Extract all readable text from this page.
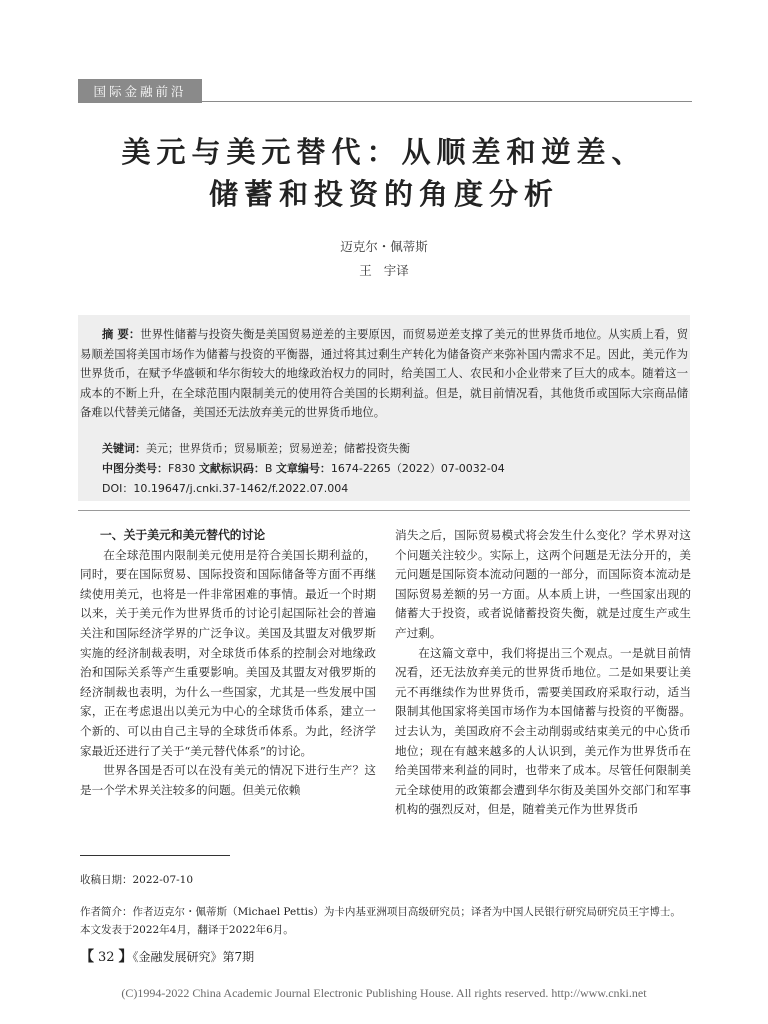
国际金融前沿
美元与美元替代：从顺差和逆差、
储蓄和投资的角度分析
迈克尔・佩蒂斯
王 宇译
摘 要：世界性储蓄与投资失衡是美国贸易逆差的主要原因，而贸易逆差支撑了美元的世界货币地位。从实质上看，贸易顺差国将美国市场作为储蓄与投资的平衡器，通过将其过剩生产转化为储备资产来弥补国内需求不足。因此，美元作为世界货币，在赋予华盛顿和华尔街较大的地缘政治权力的同时，给美国工人、农民和小企业带来了巨大的成本。随着这一成本的不断上升，在全球范围内限制美元的使用符合美国的长期利益。但是，就目前情况看，其他货币或国际大宗商品储备难以代替美元储备，美国还无法放弃美元的世界货币地位。
关键词：美元；世界货币；贸易顺差；贸易逆差；储蓄投资失衡
中图分类号：F830 文献标识码：B 文章编号：1674-2265（2022）07-0032-04
DOI：10.19647/j.cnki.37-1462/f.2022.07.004

一、关于美元和美元替代的讨论

在全球范围内限制美元使用是符合美国长期利益的，同时，要在国际贸易、国际投资和国际储备等方面不再继续使用美元，也将是一件非常困难的事情。最近一个时期以来，关于美元作为世界货币的讨论引起国际社会的普遍关注和国际经济学界的广泛争议。美国及其盟友对俄罗斯实施的经济制裁表明，对全球货币体系的控制会对地缘政治和国际关系等产生重要影响。美国及其盟友对俄罗斯的经济制裁也表明，为什么一些国家，尤其是一些发展中国家，正在考虑退出以美元为中心的全球货币体系，建立一个新的、可以由自己主导的全球货币体系。为此，经济学家最近还进行了关于“美元替代体系”的讨论。

世界各国是否可以在没有美元的情况下进行生产？这是一个学术界关注较多的问题。但美元依赖

消失之后，国际贸易模式将会发生什么变化？学术界对这个问题关注较少。实际上，这两个问题是无法分开的，美元问题是国际资本流动问题的一部分，而国际资本流动是国际贸易差额的另一方面。从本质上讲，一些国家出现的储蓄大于投资，或者说储蓄投资失衡，就是过度生产或生产过剩。

在这篇文章中，我们将提出三个观点。一是就目前情况看，还无法放弃美元的世界货币地位。二是如果要让美元不再继续作为世界货币，需要美国政府采取行动，适当限制其他国家将美国市场作为本国储蓄与投资的平衡器。过去认为，美国政府不会主动削弱或结束美元的中心货币地位；现在有越来越多的人认识到，美元作为世界货币在给美国带来利益的同时，也带来了成本。尽管任何限制美元全球使用的政策都会遭到华尔街及美国外交部门和军事机构的强烈反对，但是，随着美元作为世界货币

收稿日期：2022-07-10
作者简介：作者迈克尔・佩蒂斯（Michael Pettis）为卡内基亚洲项目高级研究员；译者为中国人民银行研究局研究员王宇博士。本文发表于2022年4月，翻译于2022年6月。
【 32 】《金融发展研究》第7期
(C)1994-2022 China Academic Journal Electronic Publishing House. All rights reserved. http://www.cnki.net
